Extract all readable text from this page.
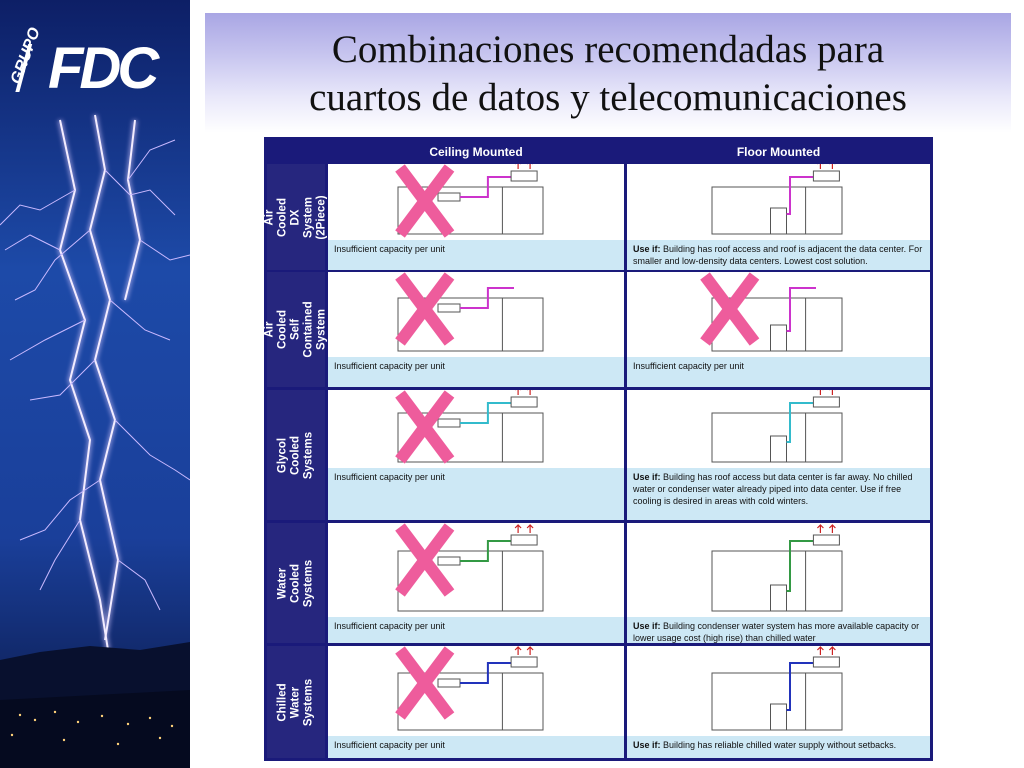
FDC	Combinaciones recomendadas para
cuartos de datos y telecomunicaciones
Ceiling Mounted	Floor Mounted
Air Cooled DX
System
(2Piece)
Insufficient capacity per unit	Use if: Building has roof access and roof is adjacent the data center. For smaller and low-density data centers. Lowest cost solution.
Air Cooled Self
Contained
System
Insufficient capacity per unit	Insufficient capacity per unit
Glycol Cooled
Systems	Insufficient capacity per unit	Use if: Building has roof access but data center is far away. No chilled water or condenser water already piped into data center. Use if free cooling is desired in areas with cold winters.
Water Cooled
Systems
Insufficient capacity per unit	Use if: Building condenser water system has more available capacity or lower usage cost (high rise) than chilled water
Chilled Water
Systems
Insufficient capacity per unit	Use if: Building has reliable chilled water supply without setbacks.
